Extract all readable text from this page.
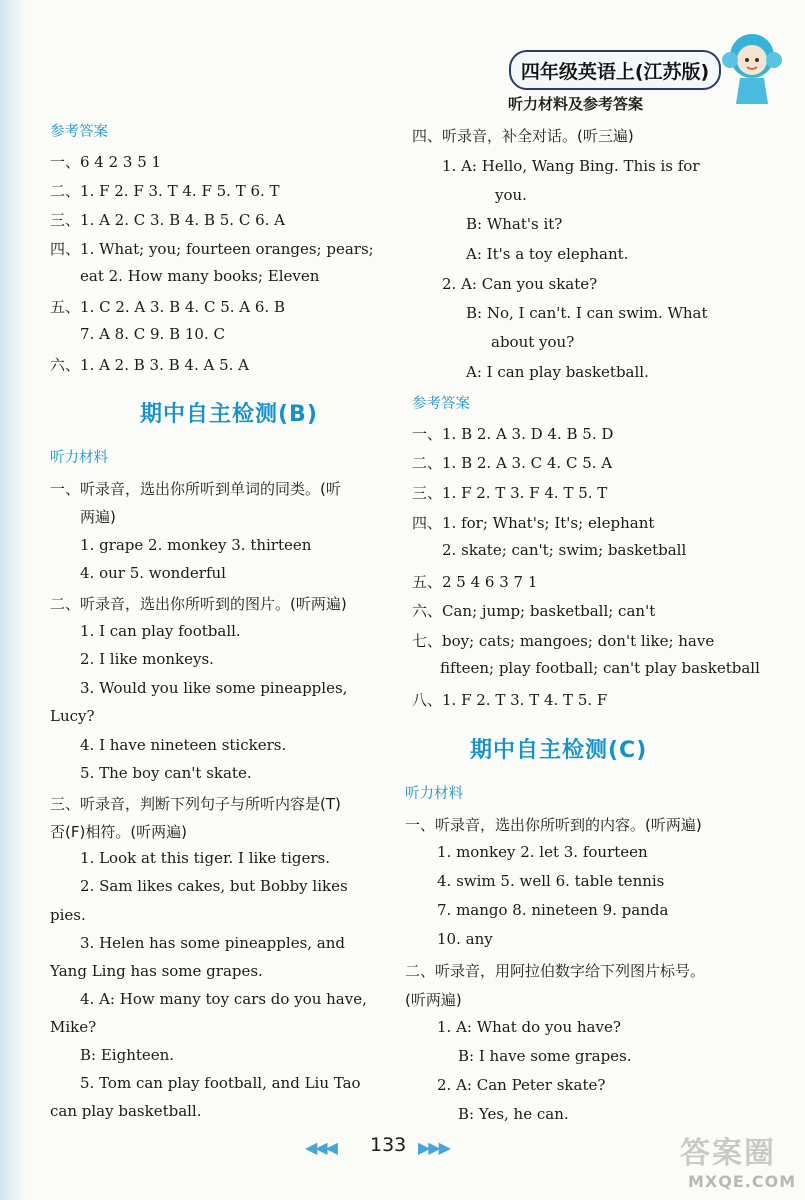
四年级英语上(江苏版)
听力材料及参考答案
参考答案
一、6 4 2 3 5 1
二、1. F 2. F 3. T 4. F 5. T 6. T
三、1. A 2. C 3. B 4. B 5. C 6. A
四、1. What; you; fourteen oranges; pears;
eat 2. How many books; Eleven
五、1. C 2. A 3. B 4. C 5. A 6. B
7. A 8. C 9. B 10. C
六、1. A 2. B 3. B 4. A 5. A
期中自主检测(B)
听力材料
一、听录音，选出你所听到单词的同类。(听
两遍)
1. grape 2. monkey 3. thirteen
4. our 5. wonderful
二、听录音，选出你所听到的图片。(听两遍)
1. I can play football.
2. I like monkeys.
3. Would you like some pineapples,
Lucy?
4. I have nineteen stickers.
5. The boy can't skate.
三、听录音，判断下列句子与所听内容是(T)
否(F)相符。(听两遍)
1. Look at this tiger. I like tigers.
2. Sam likes cakes, but Bobby likes
pies.
3. Helen has some pineapples, and
Yang Ling has some grapes.
4. A: How many toy cars do you have,
Mike?
B: Eighteen.
5. Tom can play football, and Liu Tao
can play basketball.
四、听录音，补全对话。(听三遍)
1. A: Hello, Wang Bing. This is for
you.
B: What's it?
A: It's a toy elephant.
2. A: Can you skate?
B: No, I can't. I can swim. What
about you?
A: I can play basketball.
参考答案
一、1. B 2. A 3. D 4. B 5. D
二、1. B 2. A 3. C 4. C 5. A
三、1. F 2. T 3. F 4. T 5. T
四、1. for; What's; It's; elephant
2. skate; can't; swim; basketball
五、2 5 4 6 3 7 1
六、Can; jump; basketball; can't
七、boy; cats; mangoes; don't like; have
fifteen; play football; can't play basketball
八、1. F 2. T 3. T 4. T 5. F
期中自主检测(C)
听力材料
一、听录音，选出你所听到的内容。(听两遍)
1. monkey 2. let 3. fourteen
4. swim 5. well 6. table tennis
7. mango 8. nineteen 9. panda
10. any
二、听录音，用阿拉伯数字给下列图片标号。
(听两遍)
1. A: What do you have?
B: I have some grapes.
2. A: Can Peter skate?
B: Yes, he can.
◀◀◀ 133 ▶▶▶	答案圈
MXQE.COM
